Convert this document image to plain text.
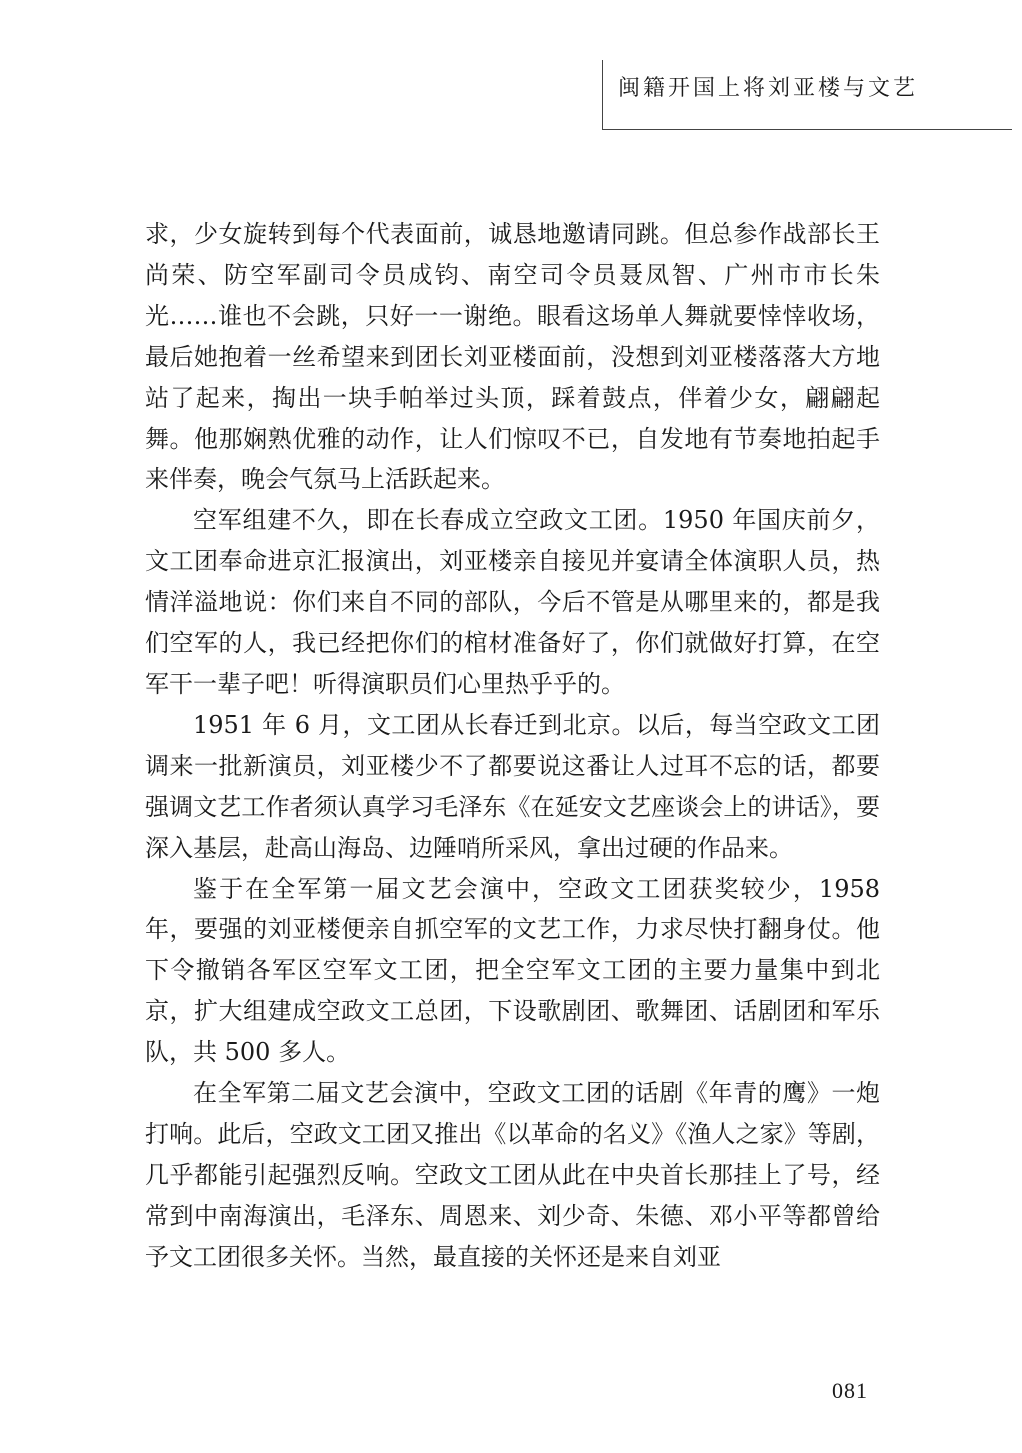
闽籍开国上将刘亚楼与文艺

求，少女旋转到每个代表面前，诚恳地邀请同跳。但总参作战部长王尚荣、防空军副司令员成钧、南空司令员聂凤智、广州市市长朱光……谁也不会跳，只好一一谢绝。眼看这场单人舞就要悻悻收场，最后她抱着一丝希望来到团长刘亚楼面前，没想到刘亚楼落落大方地站了起来，掏出一块手帕举过头顶，踩着鼓点，伴着少女，翩翩起舞。他那娴熟优雅的动作，让人们惊叹不已，自发地有节奏地拍起手来伴奏，晚会气氛马上活跃起来。

空军组建不久，即在长春成立空政文工团。1950 年国庆前夕，文工团奉命进京汇报演出，刘亚楼亲自接见并宴请全体演职人员，热情洋溢地说：你们来自不同的部队，今后不管是从哪里来的，都是我们空军的人，我已经把你们的棺材准备好了，你们就做好打算，在空军干一辈子吧！听得演职员们心里热乎乎的。

1951 年 6 月，文工团从长春迁到北京。以后，每当空政文工团调来一批新演员，刘亚楼少不了都要说这番让人过耳不忘的话，都要强调文艺工作者须认真学习毛泽东《在延安文艺座谈会上的讲话》，要深入基层，赴高山海岛、边陲哨所采风，拿出过硬的作品来。

鉴于在全军第一届文艺会演中，空政文工团获奖较少，1958 年，要强的刘亚楼便亲自抓空军的文艺工作，力求尽快打翻身仗。他下令撤销各军区空军文工团，把全空军文工团的主要力量集中到北京，扩大组建成空政文工总团，下设歌剧团、歌舞团、话剧团和军乐队，共 500 多人。

在全军第二届文艺会演中，空政文工团的话剧《年青的鹰》一炮打响。此后，空政文工团又推出《以革命的名义》《渔人之家》等剧，几乎都能引起强烈反响。空政文工团从此在中央首长那挂上了号，经常到中南海演出，毛泽东、周恩来、刘少奇、朱德、邓小平等都曾给予文工团很多关怀。当然，最直接的关怀还是来自刘亚

081
